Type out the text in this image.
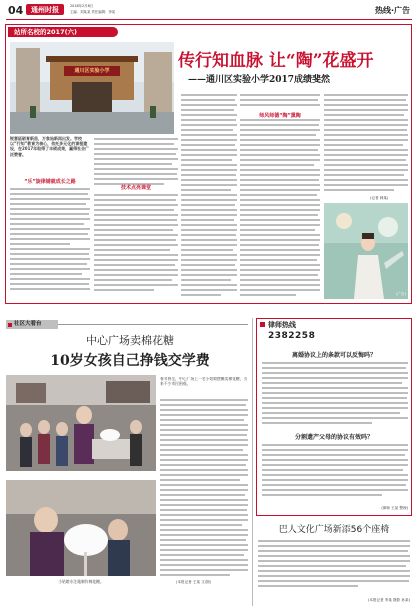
04	通州时报	2018年2月8日
主编：刘某某 责任编辑：李某	热线·广告
站所名校的2017(六)
通川区实验小学	传行知血脉 让“陶”花盛开
——通川区实验小学2017成绩斐然
锐意砥砺育新苗，万象始新再出发。学校以“行知”教育为核心，依托多元化的课程建设，在2017年取得了丰硕成果，赢得社会广泛赞誉。
“乐”旋律铺就成长之路
技术点亮课堂
师风师德“陶”熏陶
(记者 韩某)
(广告)
社区大看台
中心广场卖棉花糖
10岁女孩自己挣钱交学费
春节将至，中心广场上一名小姑娘摆摊卖棉花糖，引来不少市民围观。
(本报记者 王某 文/图)
小姑娘专注地制作棉花糖。
律师热线
2382258
离婚协议上的条款可以反悔吗？
分割遗产父母的协议有效吗？
(律师 王某 整理)
巴人文化广场新添56个座椅
(本报记者 李某 摄影 孙某)
